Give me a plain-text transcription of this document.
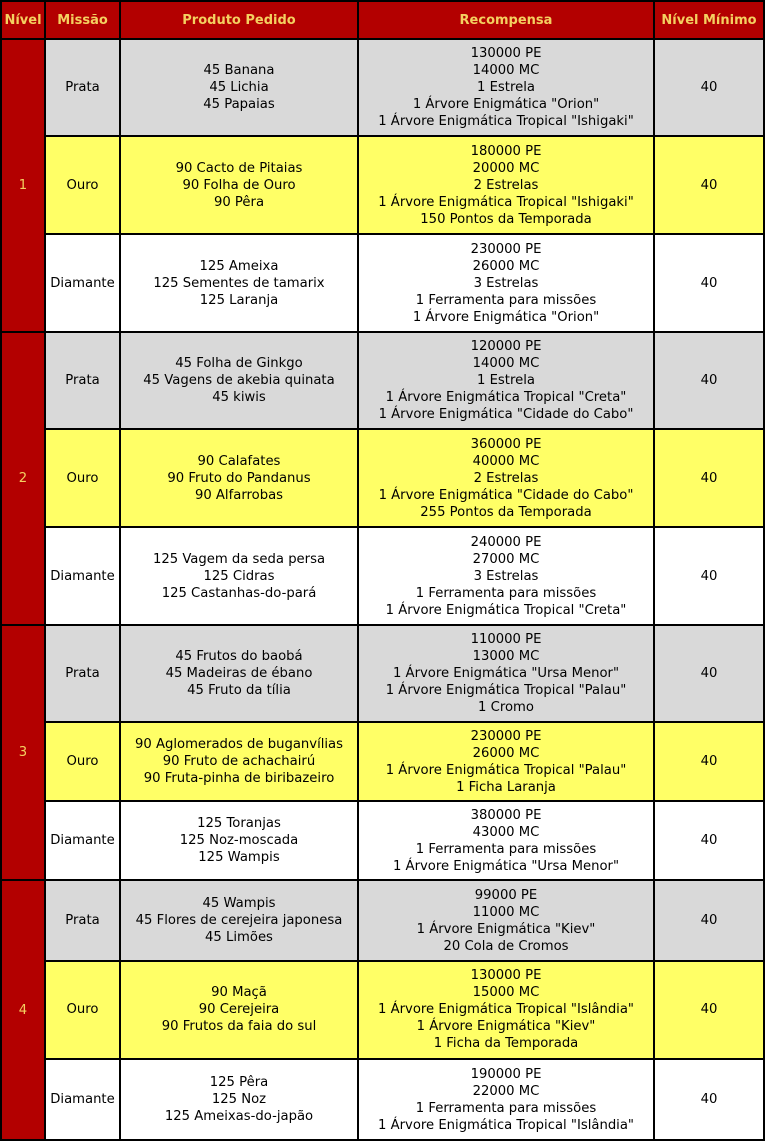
Nível	Missão	Produto Pedido	Recompensa	Nível Mínimo
1	Prata	45 Banana
45 Lichia
45 Papaias	130000 PE
14000 MC
1 Estrela
1 Árvore Enigmática "Orion"
1 Árvore Enigmática Tropical "Ishigaki"	40
	Ouro	90 Cacto de Pitaias
90 Folha de Ouro
90 Pêra	180000 PE
20000 MC
2 Estrelas
1 Árvore Enigmática Tropical "Ishigaki"
150 Pontos da Temporada	40
	Diamante	125 Ameixa
125 Sementes de tamarix
125 Laranja	230000 PE
26000 MC
3 Estrelas
1 Ferramenta para missões
1 Árvore Enigmática "Orion"	40
2	Prata	45 Folha de Ginkgo
45 Vagens de akebia quinata
45 kiwis	120000 PE
14000 MC
1 Estrela
1 Árvore Enigmática Tropical "Creta"
1 Árvore Enigmática "Cidade do Cabo"	40
	Ouro	90 Calafates
90 Fruto do Pandanus
90 Alfarrobas	360000 PE
40000 MC
2 Estrelas
1 Árvore Enigmática "Cidade do Cabo"
255 Pontos da Temporada	40
	Diamante	125 Vagem da seda persa
125 Cidras
125 Castanhas-do-pará	240000 PE
27000 MC
3 Estrelas
1 Ferramenta para missões
1 Árvore Enigmática Tropical "Creta"	40
3	Prata	45 Frutos do baobá
45 Madeiras de ébano
45 Fruto da tília	110000 PE
13000 MC
1 Árvore Enigmática "Ursa Menor"
1 Árvore Enigmática Tropical "Palau"
1 Cromo	40
	Ouro	90 Aglomerados de buganvílias
90 Fruto de achachairú
90 Fruta-pinha de biribazeiro	230000 PE
26000 MC
1 Árvore Enigmática Tropical "Palau"
1 Ficha Laranja	40
	Diamante	125 Toranjas
125 Noz-moscada
125 Wampis	380000 PE
43000 MC
1 Ferramenta para missões
1 Árvore Enigmática "Ursa Menor"	40
4	Prata	45 Wampis
45 Flores de cerejeira japonesa
45 Limões	99000 PE
11000 MC
1 Árvore Enigmática "Kiev"
20 Cola de Cromos	40
	Ouro	90 Maçã
90 Cerejeira
90 Frutos da faia do sul	130000 PE
15000 MC
1 Árvore Enigmática Tropical "Islândia"
1 Árvore Enigmática "Kiev"
1 Ficha da Temporada	40
	Diamante	125 Pêra
125 Noz
125 Ameixas-do-japão	190000 PE
22000 MC
1 Ferramenta para missões
1 Árvore Enigmática Tropical "Islândia"	40
